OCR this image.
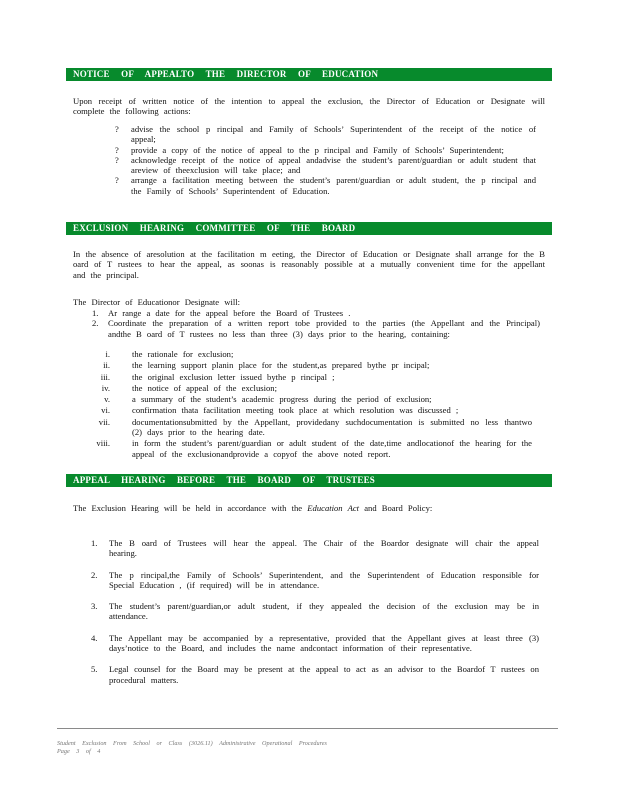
NOTICE OF APPEALTO THE DIRECTOR OF EDUCATION
Upon receipt of written notice of the intention to appeal the exclusion, the Director of Education or Designate will complete the following actions:
? advise the school p rincipal and Family of Schools’ Superintendent of the receipt of the notice of appeal;
? provide a copy of the notice of appeal to the p rincipal and Family of Schools’ Superintendent;
? acknowledge receipt of the notice of appeal andadvise the student’s parent/guardian or adult student that areview of theexclusion will take place; and
? arrange a facilitation meeting between the student’s parent/guardian or adult student, the p rincipal and the Family of Schools’ Superintendent of Education.
EXCLUSION HEARING COMMITTEE OF THE BOARD
In the absence of aresolution at the facilitation m eeting, the Director of Education or Designate shall arrange for the B oard of T rustees to hear the appeal, as soonas is reasonably possible at a mutually convenient time for the appellant and the principal.
The Director of Educationor Designate will:
1. Ar range a date for the appeal before the Board of Trustees .
2. Coordinate the preparation of a written report tobe provided to the parties (the Appellant and the Principal) andthe B oard of T rustees no less than three (3) days prior to the hearing, containing:
i.	the rationale for exclusion;
ii.	the learning support planin place for the student,as prepared bythe pr incipal;
iii.	the original exclusion letter issued bythe p rincipal ;
iv.	the notice of appeal of the exclusion;
v.	a summary of the student’s academic progress during the period of exclusion;
vi.	confirmation thata facilitation meeting took place at which resolution was discussed ;
vii.	documentationsubmitted by the Appellant, providedany suchdocumentation is submitted no less thantwo (2) days prior to the hearing date.
viii.	in form the student’s parent/guardian or adult student of the date,time andlocationof the hearing for the appeal of the exclusionandprovide a copyof the above noted report.
APPEAL HEARING BEFORE THE BOARD OF TRUSTEES
The Exclusion Hearing will be held in accordance with the Education Act and Board Policy:
1. The B oard of Trustees will hear the appeal. The Chair of the Boardor designate will chair the appeal hearing.
2. The p rincipal,the Family of Schools’ Superintendent, and the Superintendent of Education responsible for Special Education , (if required) will be in attendance.
3. The student’s parent/guardian,or adult student, if they appealed the decision of the exclusion may be in attendance.
4. The Appellant may be accompanied by a representative, provided that the Appellant gives at least three (3) days’notice to the Board, and includes the name andcontact information of their representative.
5. Legal counsel for the Board may be present at the appeal to act as an advisor to the Boardof T rustees on procedural matters.
Student Exclusion From School or Class (3026.11) Administrative Operational Procedures
Page 3 of 4
